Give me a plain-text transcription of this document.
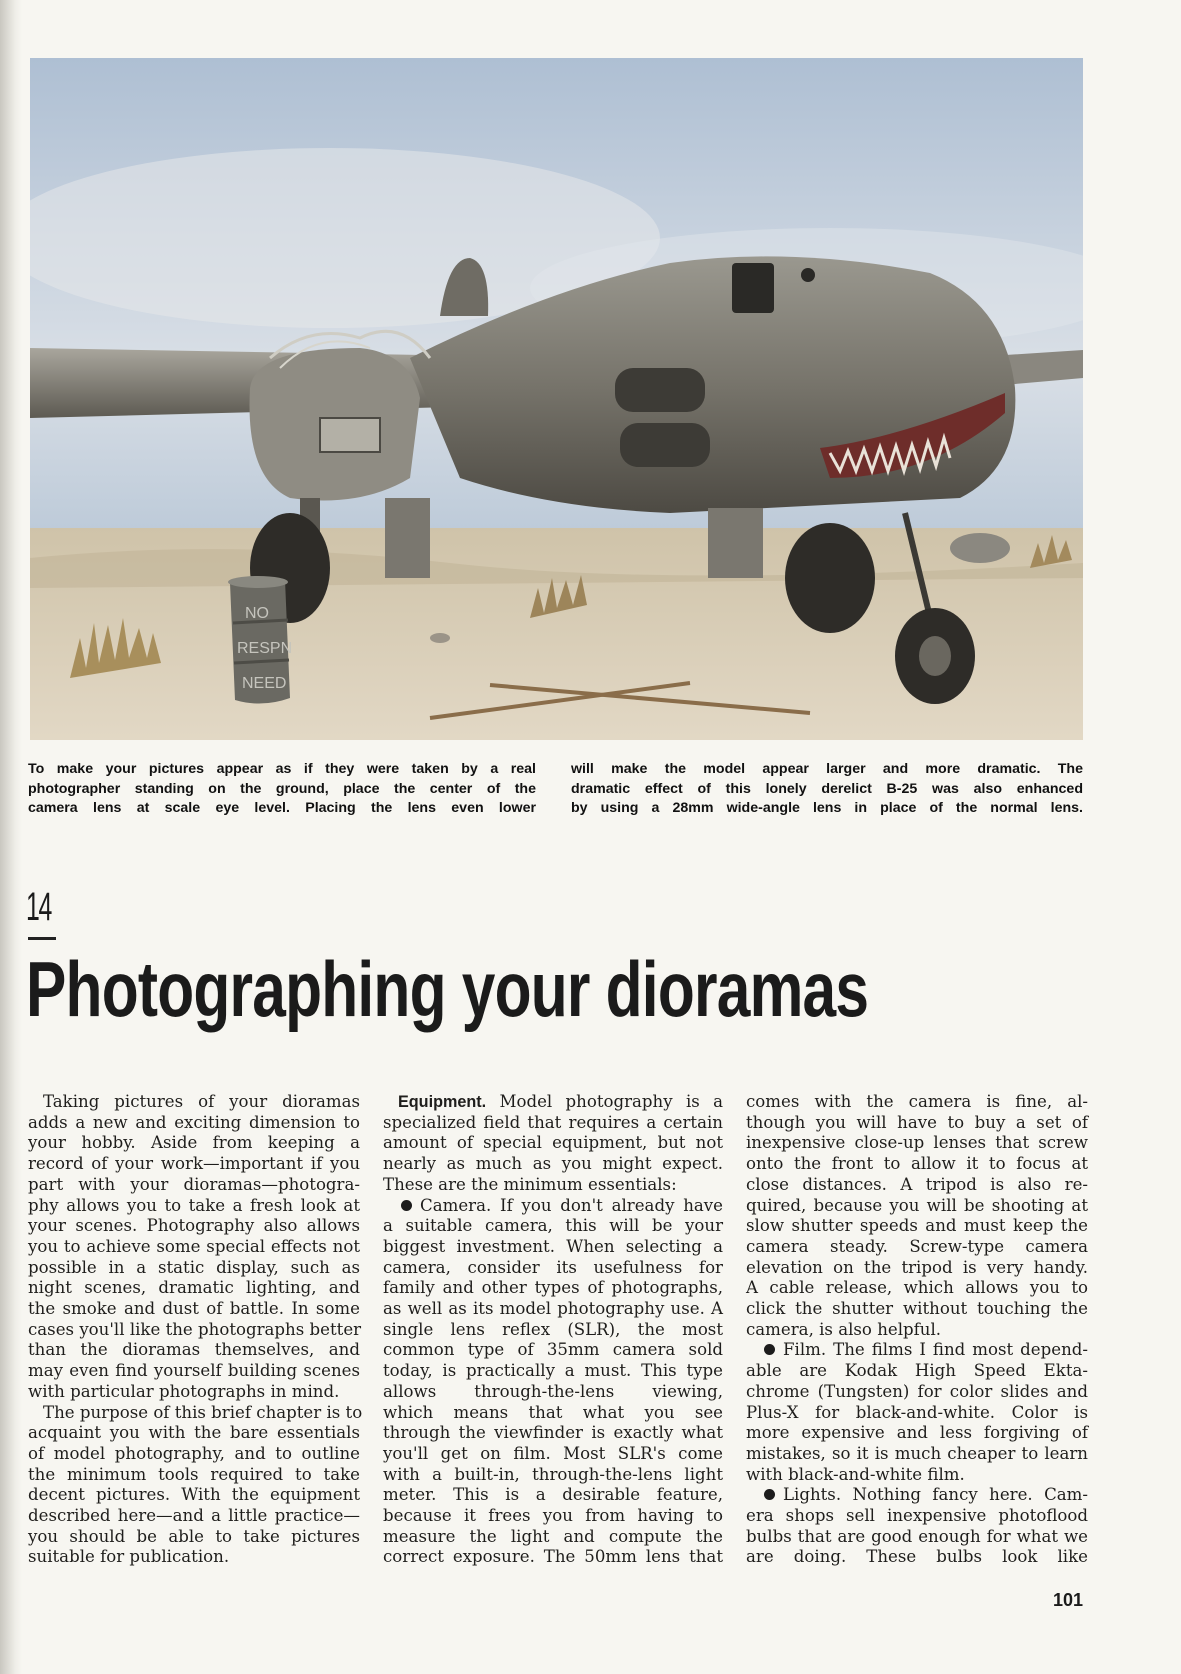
NO
RESPN
NEED
To make your pictures appear as if they were taken by a real
photographer standing on the ground, place the center of the
camera lens at scale eye level. Placing the lens even lower
will make the model appear larger and more dramatic. The
dramatic effect of this lonely derelict B-25 was also enhanced
by using a 28mm wide-angle lens in place of the normal lens.
14
Photographing your dioramas

Taking pictures of your dioramas
adds a new and exciting dimension to
your hobby. Aside from keeping a
record of your work—important if you
part with your dioramas—photogra-
phy allows you to take a fresh look at
your scenes. Photography also allows
you to achieve some special effects not
possible in a static display, such as
night scenes, dramatic lighting, and
the smoke and dust of battle. In some
cases you'll like the photographs better
than the dioramas themselves, and
may even find yourself building scenes
with particular photographs in mind.

The purpose of this brief chapter is to
acquaint you with the bare essentials
of model photography, and to outline
the minimum tools required to take
decent pictures. With the equipment
described here—and a little practice—
you should be able to take pictures
suitable for publication.

Equipment. Model photography is a
specialized field that requires a certain
amount of special equipment, but not
nearly as much as you might expect.
These are the minimum essentials:

Camera. If you don't already have
a suitable camera, this will be your
biggest investment. When selecting a
camera, consider its usefulness for
family and other types of photographs,
as well as its model photography use. A
single lens reflex (SLR), the most
common type of 35mm camera sold
today, is practically a must. This type
allows through-the-lens viewing,
which means that what you see
through the viewfinder is exactly what
you'll get on film. Most SLR's come
with a built-in, through-the-lens light
meter. This is a desirable feature,
because it frees you from having to
measure the light and compute the
correct exposure. The 50mm lens that

comes with the camera is fine, al-
though you will have to buy a set of
inexpensive close-up lenses that screw
onto the front to allow it to focus at
close distances. A tripod is also re-
quired, because you will be shooting at
slow shutter speeds and must keep the
camera steady. Screw-type camera
elevation on the tripod is very handy.
A cable release, which allows you to
click the shutter without touching the
camera, is also helpful.

Film. The films I find most depend-
able are Kodak High Speed Ekta-
chrome (Tungsten) for color slides and
Plus-X for black-and-white. Color is
more expensive and less forgiving of
mistakes, so it is much cheaper to learn
with black-and-white film.

Lights. Nothing fancy here. Cam-
era shops sell inexpensive photoflood
bulbs that are good enough for what we
are doing. These bulbs look like

101
